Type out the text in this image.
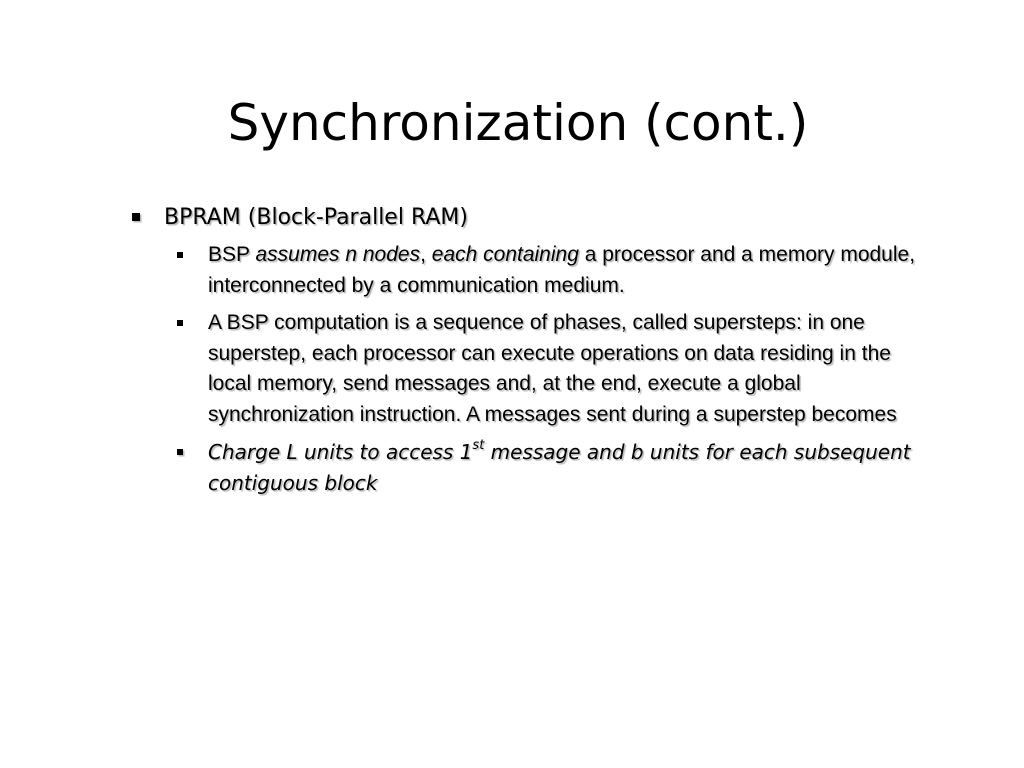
Synchronization (cont.)
BPRAM (Block-Parallel RAM)
BSP assumes n nodes, each containing a processor and a memory module, interconnected by a communication medium.
A BSP computation is a sequence of phases, called supersteps: in one superstep, each processor can execute operations on data residing in the local memory, send messages and, at the end, execute a global synchronization instruction. A messages sent during a superstep becomes
Charge L units to access 1st message and b units for each subsequent contiguous block
